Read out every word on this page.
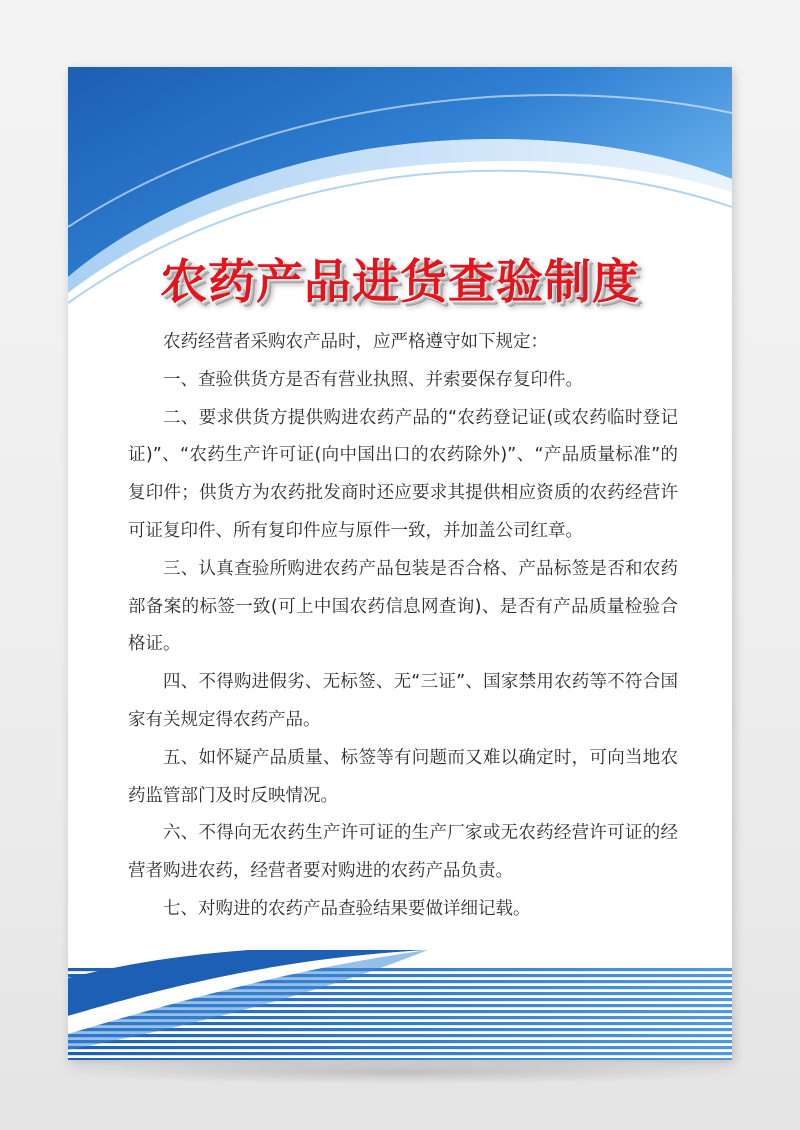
农药产品进货查验制度

农药经营者采购农产品时，应严格遵守如下规定：

一、查验供货方是否有营业执照、并索要保存复印件。

二、要求供货方提供购进农药产品的“农药登记证(或农药临时登记证)”、“农药生产许可证(向中国出口的农药除外)”、“产品质量标准”的复印件；供货方为农药批发商时还应要求其提供相应资质的农药经营许可证复印件、所有复印件应与原件一致，并加盖公司红章。

三、认真查验所购进农药产品包装是否合格、产品标签是否和农药部备案的标签一致(可上中国农药信息网查询)、是否有产品质量检验合格证。

四、不得购进假劣、无标签、无“三证”、国家禁用农药等不符合国家有关规定得农药产品。

五、如怀疑产品质量、标签等有问题而又难以确定时，可向当地农药监管部门及时反映情况。

六、不得向无农药生产许可证的生产厂家或无农药经营许可证的经营者购进农药，经营者要对购进的农药产品负责。

七、对购进的农药产品查验结果要做详细记载。
